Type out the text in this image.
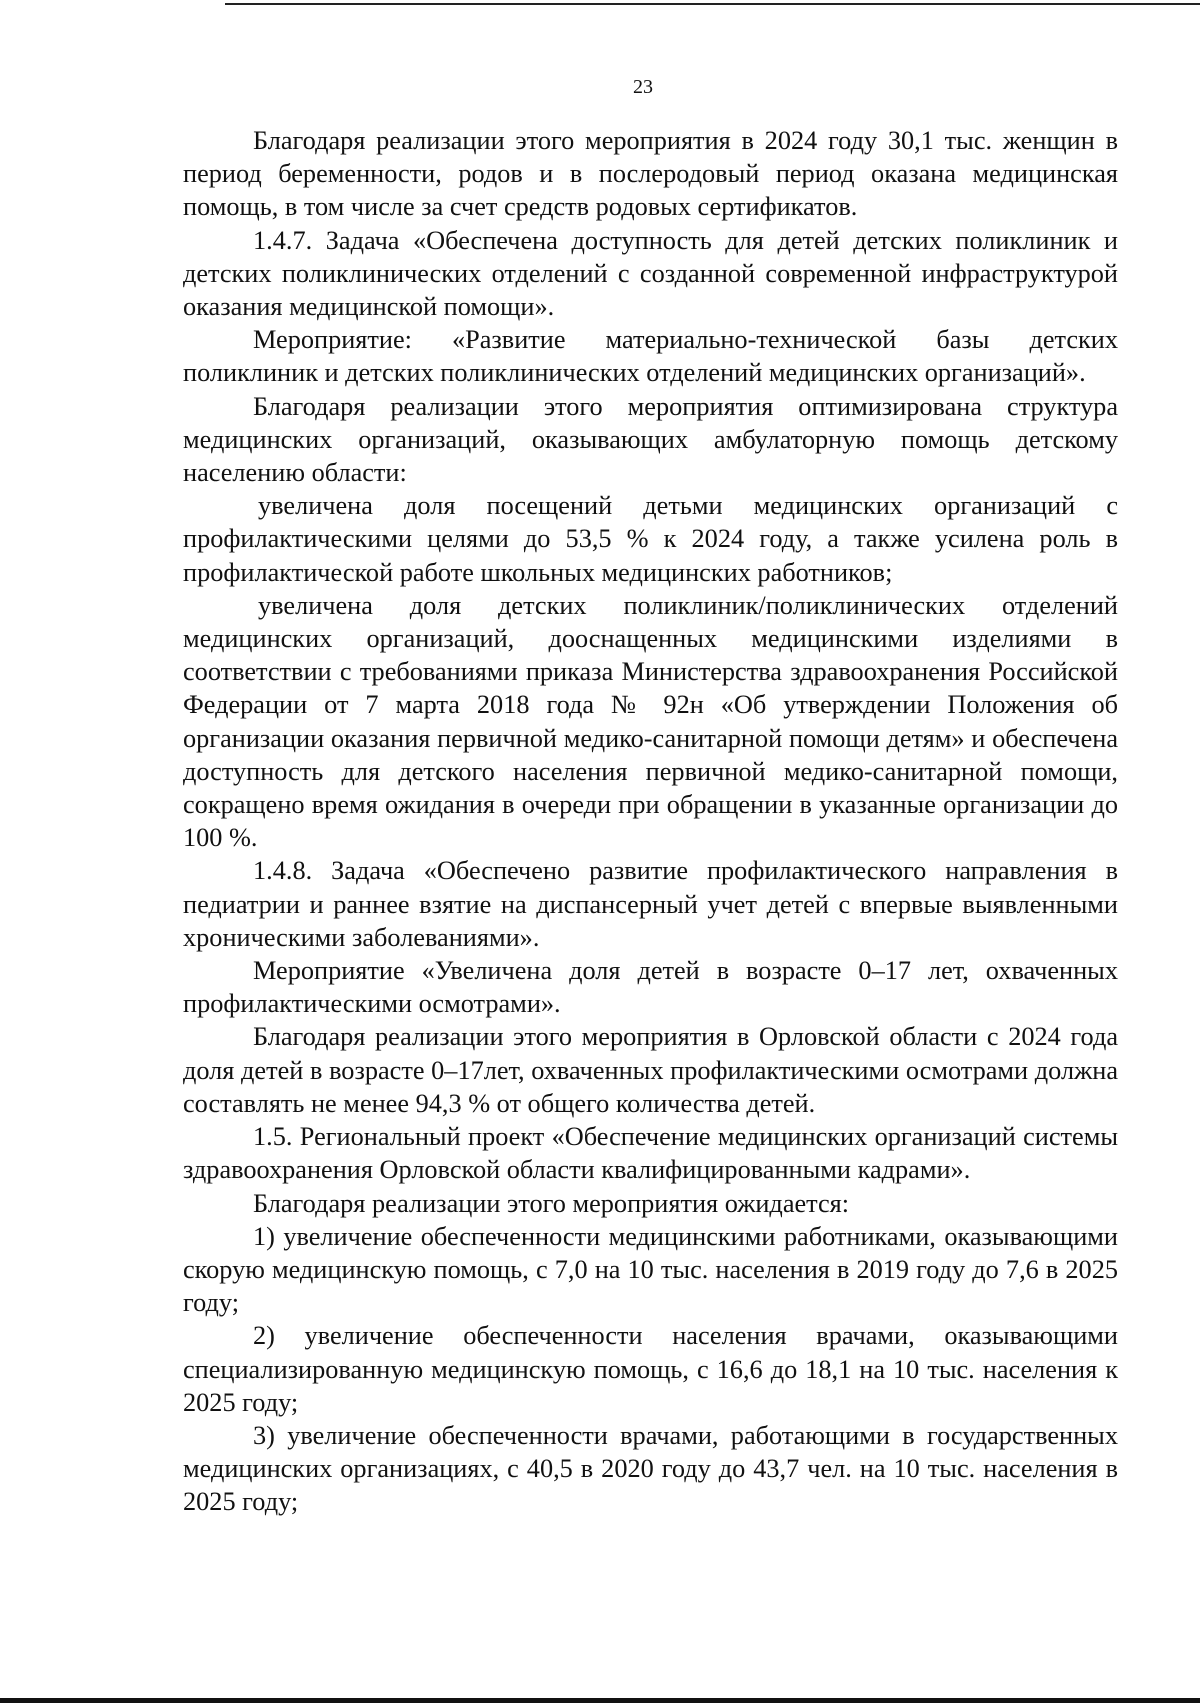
23

Благодаря реализации этого мероприятия в 2024 году 30,1 тыс. женщин в период беременности, родов и в послеродовый период оказана медицинская помощь, в том числе за счет средств родовых сертификатов.

1.4.7. Задача «Обеспечена доступность для детей детских поликлиник и детских поликлинических отделений с созданной современной инфраструктурой оказания медицинской помощи».

Мероприятие: «Развитие материально-технической базы детских поликлиник и детских поликлинических отделений медицинских организаций».

Благодаря реализации этого мероприятия оптимизирована структура медицинских организаций, оказывающих амбулаторную помощь детскому населению области:

увеличена доля посещений детьми медицинских организаций с профилактическими целями до 53,5 % к 2024 году, а также усилена роль в профилактической работе школьных медицинских работников;

увеличена доля детских поликлиник/поликлинических отделений медицинских организаций, дооснащенных медицинскими изделиями в соответствии с требованиями приказа Министерства здравоохранения Российской Федерации от 7 марта 2018 года № 92н «Об утверждении Положения об организации оказания первичной медико-санитарной помощи детям» и обеспечена доступность для детского населения первичной медико-санитарной помощи, сокращено время ожидания в очереди при обращении в указанные организации до 100 %.

1.4.8. Задача «Обеспечено развитие профилактического направления в педиатрии и раннее взятие на диспансерный учет детей с впервые выявленными хроническими заболеваниями».

Мероприятие «Увеличена доля детей в возрасте 0–17 лет, охваченных профилактическими осмотрами».

Благодаря реализации этого мероприятия в Орловской области с 2024 года доля детей в возрасте 0–17лет, охваченных профилактическими осмотрами должна составлять не менее 94,3 % от общего количества детей.

1.5. Региональный проект «Обеспечение медицинских организаций системы здравоохранения Орловской области квалифицированными кадрами».

Благодаря реализации этого мероприятия ожидается:

1) увеличение обеспеченности медицинскими работниками, оказывающими скорую медицинскую помощь, с 7,0 на 10 тыс. населения в 2019 году до 7,6 в 2025 году;

2) увеличение обеспеченности населения врачами, оказывающими специализированную медицинскую помощь, с 16,6 до 18,1 на 10 тыс. населения к 2025 году;

3) увеличение обеспеченности врачами, работающими в государственных медицинских организациях, с 40,5 в 2020 году до 43,7 чел. на 10 тыс. населения в 2025 году;
